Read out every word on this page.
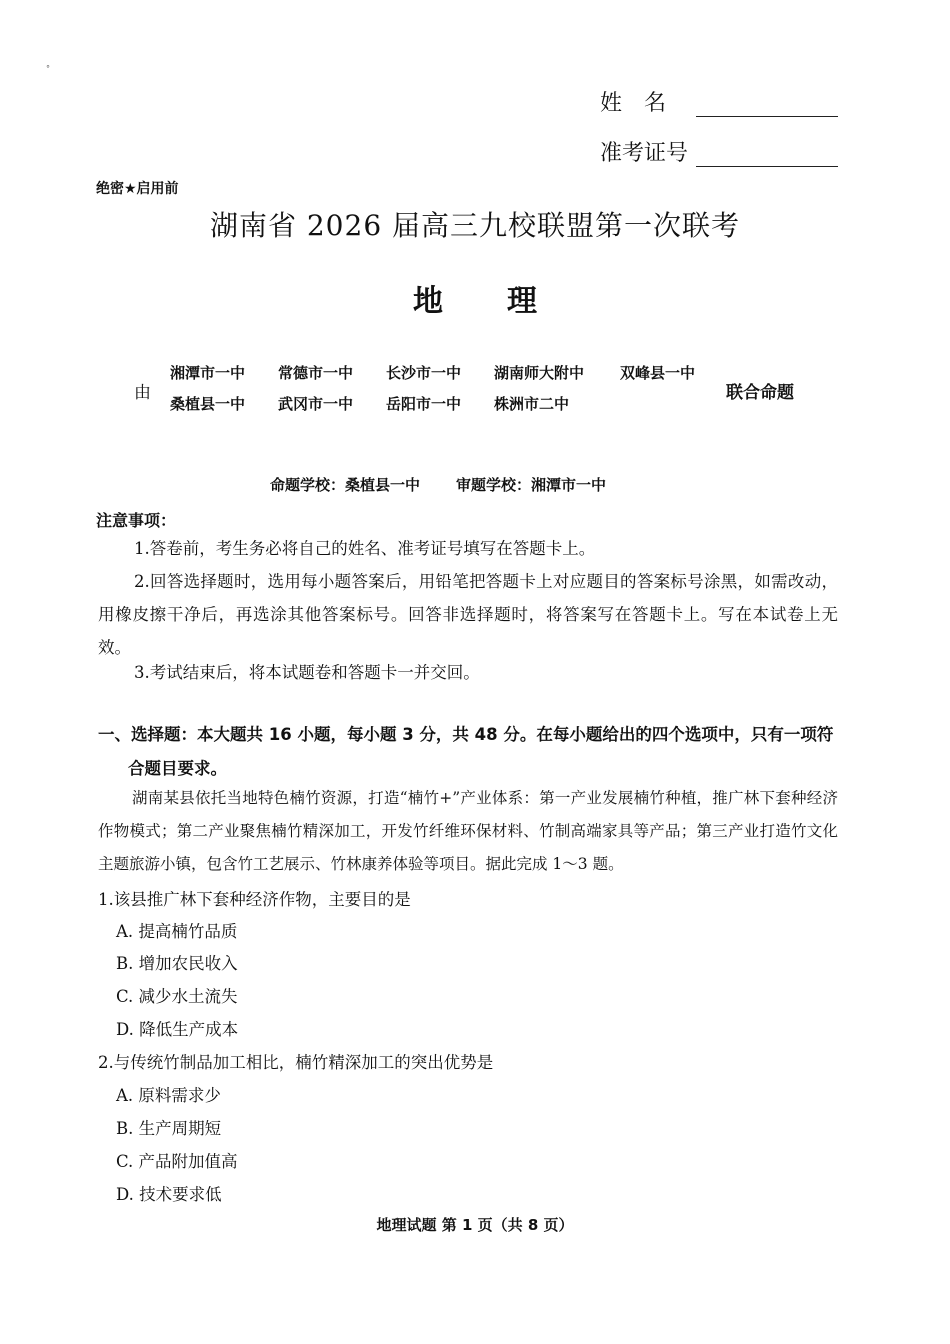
°
姓　名
准考证号
绝密★启用前
湖南省 2026 届高三九校联盟第一次联考
地理
由
湘潭市一中	常德市一中	长沙市一中	湖南师大附中	双峰县一中
桑植县一中	武冈市一中	岳阳市一中	株洲市二中
联合命题
命题学校：桑植县一中 审题学校：湘潭市一中
注意事项：
1.答卷前，考生务必将自己的姓名、准考证号填写在答题卡上。
2.回答选择题时，选用每小题答案后，用铅笔把答题卡上对应题目的答案标号涂黑，如需改动，用橡皮擦干净后，再选涂其他答案标号。回答非选择题时，将答案写在答题卡上。写在本试卷上无效。
3.考试结束后，将本试题卷和答题卡一并交回。
一、选择题：本大题共 16 小题，每小题 3 分，共 48 分。在每小题给出的四个选项中，只有一项符
合题目要求。
湖南某县依托当地特色楠竹资源，打造“楠竹+”产业体系：第一产业发展楠竹种植，推广林下套种经济作物模式；第二产业聚焦楠竹精深加工，开发竹纤维环保材料、竹制高端家具等产品；第三产业打造竹文化主题旅游小镇，包含竹工艺展示、竹林康养体验等项目。据此完成 1～3 题。
1.该县推广林下套种经济作物，主要目的是
A. 提高楠竹品质
B. 增加农民收入
C. 减少水土流失
D. 降低生产成本
2.与传统竹制品加工相比，楠竹精深加工的突出优势是
A. 原料需求少
B. 生产周期短
C. 产品附加值高
D. 技术要求低
地理试题 第 1 页（共 8 页）
